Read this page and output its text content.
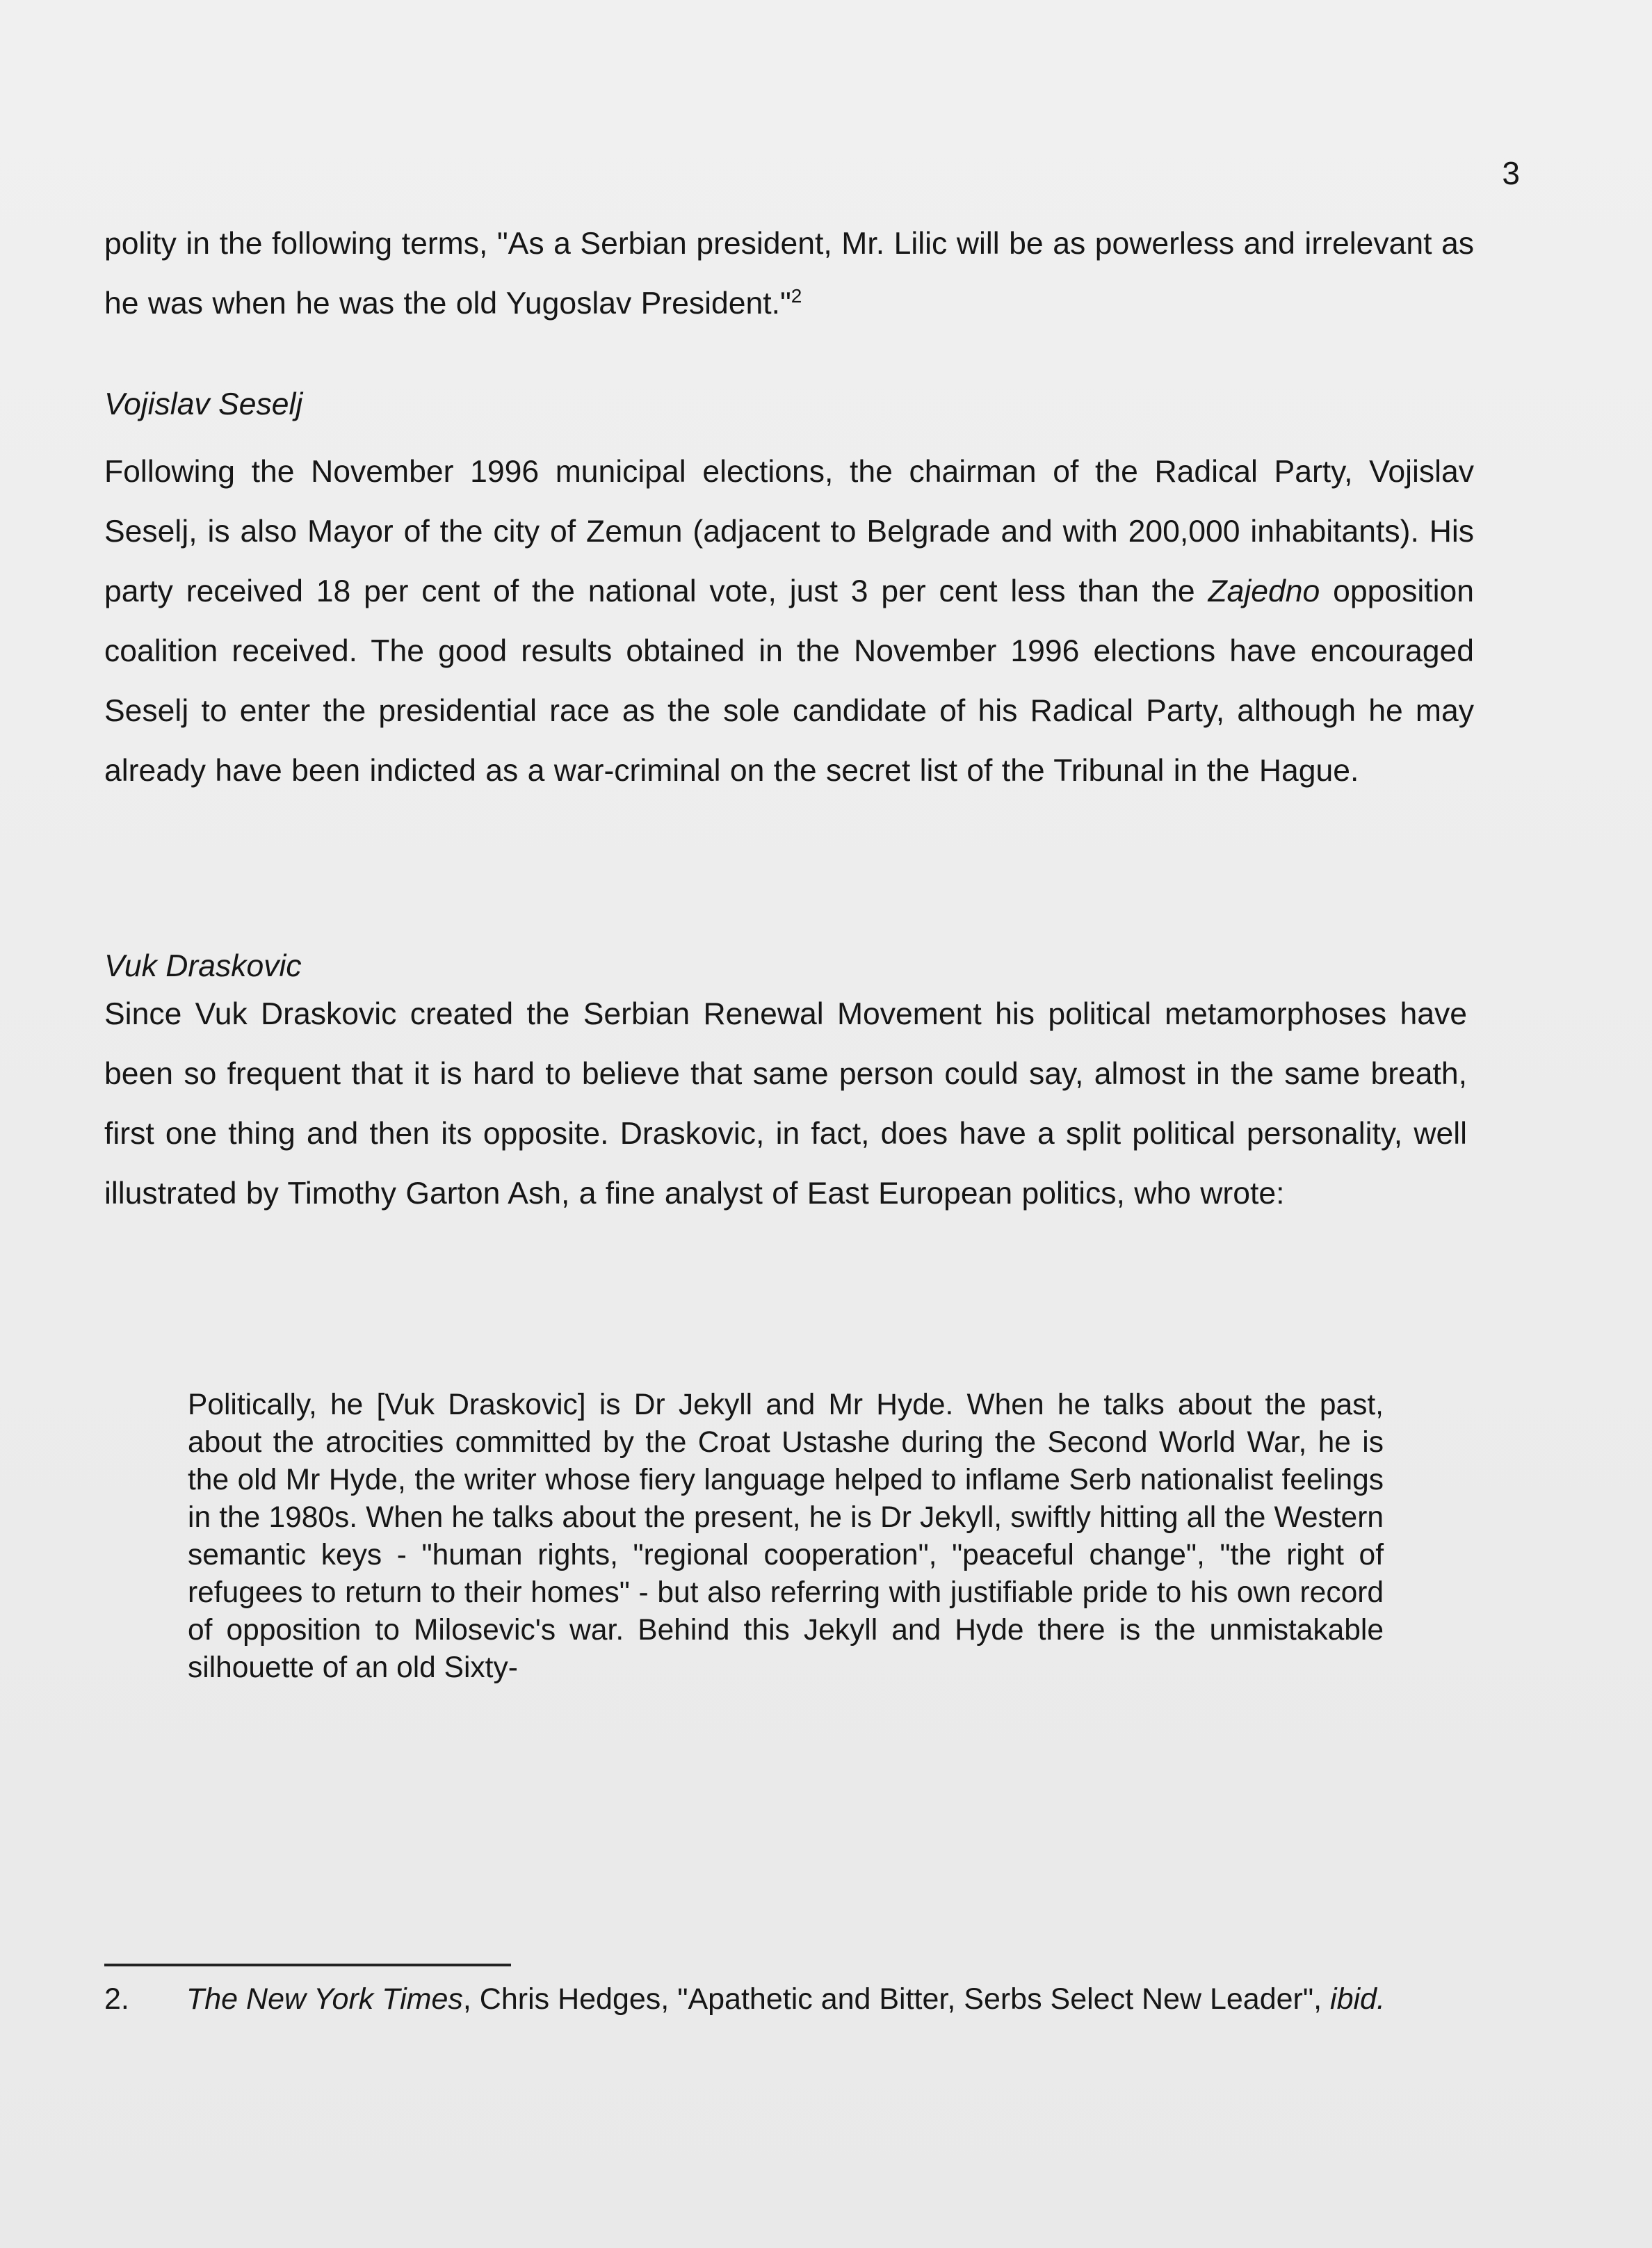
3

polity in the following terms, "As a Serbian president, Mr. Lilic will be as powerless and irrelevant as he was when he was the old Yugoslav President."$^2$

Vojislav Seselj

Following the November 1996 municipal elections, the chairman of the Radical Party, Vojislav Seselj, is also Mayor of the city of Zemun (adjacent to Belgrade and with 200,000 inhabitants). His party received 18 per cent of the national vote, just 3 per cent less than the Zajedno opposition coalition received. The good results obtained in the November 1996 elections have encouraged Seselj to enter the presidential race as the sole candidate of his Radical Party, although he may already have been indicted as a war-criminal on the secret list of the Tribunal in the Hague.

Vuk Draskovic

Since Vuk Draskovic created the Serbian Renewal Movement his political metamorphoses have been so frequent that it is hard to believe that same person could say, almost in the same breath, first one thing and then its opposite. Draskovic, in fact, does have a split political personality, well illustrated by Timothy Garton Ash, a fine analyst of East European politics, who wrote:

Politically, he [Vuk Draskovic] is Dr Jekyll and Mr Hyde. When he talks about the past, about the atrocities committed by the Croat Ustashe during the Second World War, he is the old Mr Hyde, the writer whose fiery language helped to inflame Serb nationalist feelings in the 1980s. When he talks about the present, he is Dr Jekyll, swiftly hitting all the Western semantic keys - "human rights, "regional cooperation", "peaceful change", "the right of refugees to return to their homes" - but also referring with justifiable pride to his own record of opposition to Milosevic's war. Behind this Jekyll and Hyde there is the unmistakable silhouette of an old Sixty-

2. The New York Times, Chris Hedges, "Apathetic and Bitter, Serbs Select New Leader", ibid.
